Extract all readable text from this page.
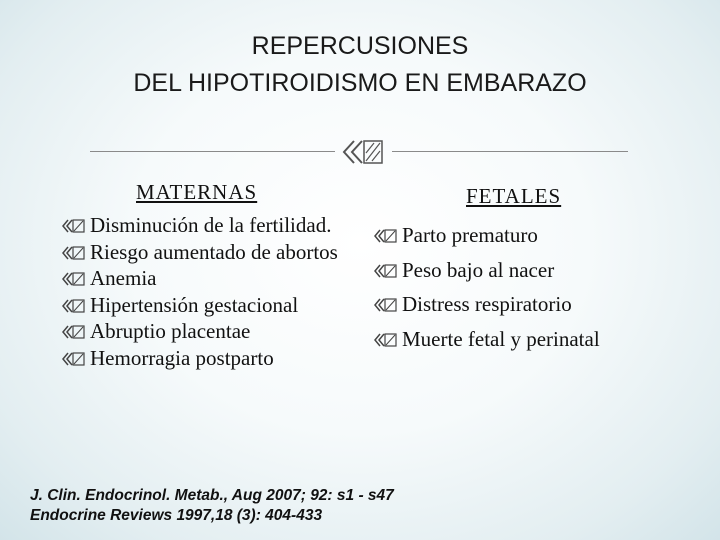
REPERCUSIONES
DEL HIPOTIROIDISMO EN EMBARAZO
MATERNAS
Disminución de la fertilidad.
Riesgo aumentado de abortos
Anemia
Hipertensión gestacional
Abruptio placentae
Hemorragia postparto
FETALES
Parto prematuro
Peso bajo al nacer
Distress respiratorio
Muerte fetal y perinatal
J. Clin. Endocrinol. Metab., Aug 2007; 92: s1 - s47
Endocrine Reviews 1997,18 (3): 404-433
